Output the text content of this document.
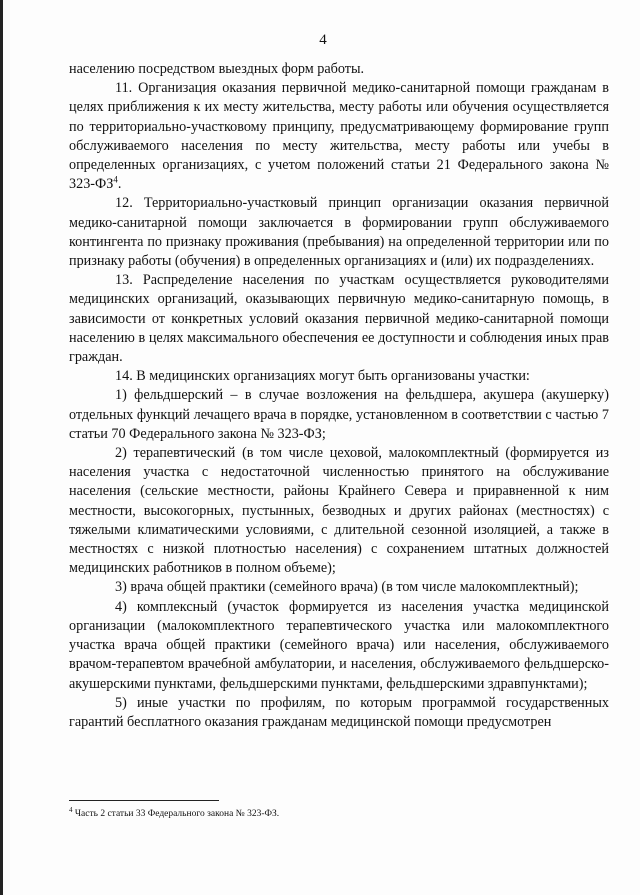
4

населению посредством выездных форм работы.

11. Организация оказания первичной медико-санитарной помощи гражданам в целях приближения к их месту жительства, месту работы или обучения осуществляется по территориально-участковому принципу, предусматривающему формирование групп обслуживаемого населения по месту жительства, месту работы или учебы в определенных организациях, с учетом положений статьи 21 Федерального закона № 323-ФЗ$^4$.

12. Территориально-участковый принцип организации оказания первичной медико-санитарной помощи заключается в формировании групп обслуживаемого контингента по признаку проживания (пребывания) на определенной территории или по признаку работы (обучения) в определенных организациях и (или) их подразделениях.

13. Распределение населения по участкам осуществляется руководителями медицинских организаций, оказывающих первичную медико-санитарную помощь, в зависимости от конкретных условий оказания первичной медико-санитарной помощи населению в целях максимального обеспечения ее доступности и соблюдения иных прав граждан.

14. В медицинских организациях могут быть организованы участки:

1) фельдшерский – в случае возложения на фельдшера, акушера (акушерку) отдельных функций лечащего врача в порядке, установленном в соответствии с частью 7 статьи 70 Федерального закона № 323-ФЗ;

2) терапевтический (в том числе цеховой, малокомплектный (формируется из населения участка с недостаточной численностью принятого на обслуживание населения (сельские местности, районы Крайнего Севера и приравненной к ним местности, высокогорных, пустынных, безводных и других районах (местностях) с тяжелыми климатическими условиями, с длительной сезонной изоляцией, а также в местностях с низкой плотностью населения) с сохранением штатных должностей медицинских работников в полном объеме);

3) врача общей практики (семейного врача) (в том числе малокомплектный);

4) комплексный (участок формируется из населения участка медицинской организации (малокомплектного терапевтического участка или малокомплектного участка врача общей практики (семейного врача) или населения, обслуживаемого врачом-терапевтом врачебной амбулатории, и населения, обслуживаемого фельдшерско-акушерскими пунктами, фельдшерскими пунктами, фельдшерскими здравпунктами);

5) иные участки по профилям, по которым программой государственных гарантий бесплатного оказания гражданам медицинской помощи предусмотрен

$^4$ Часть 2 статьи 33 Федерального закона № 323-ФЗ.
